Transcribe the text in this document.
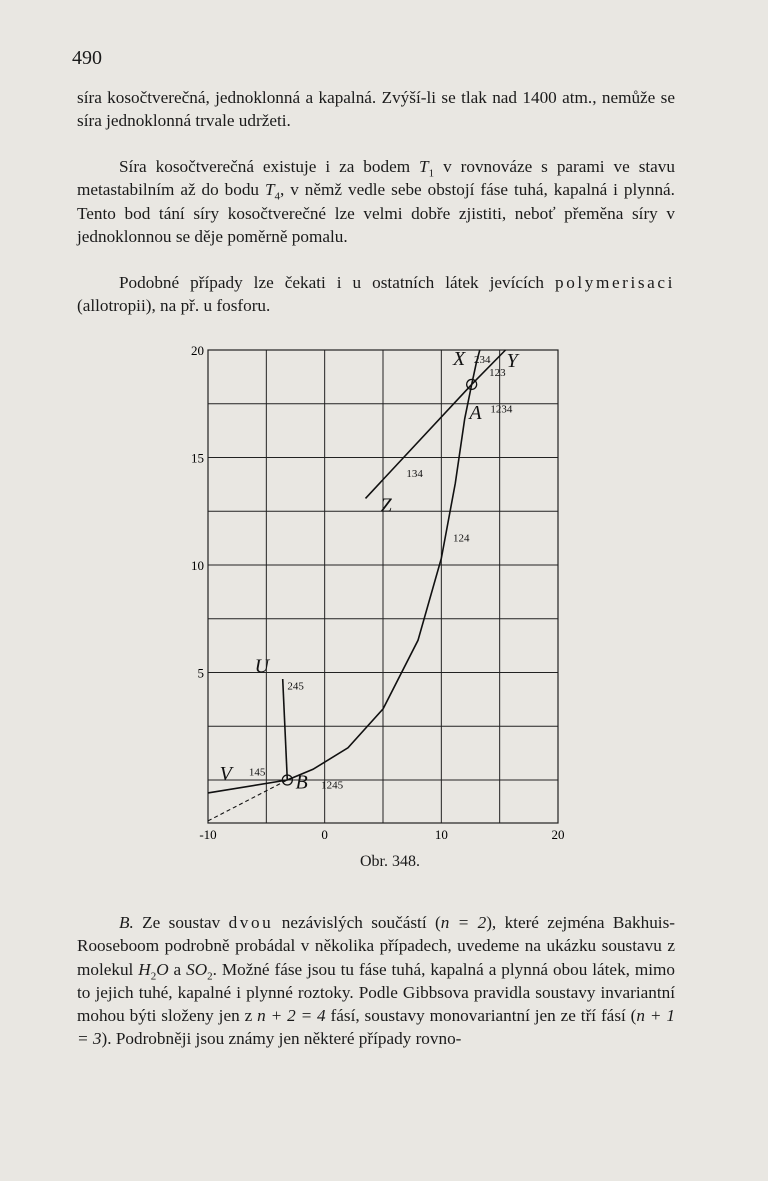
490

síra kosočtverečná, jednoklonná a kapalná. Zvýší-li se tlak nad 1400 atm., nemůže se síra jednoklonná trvale udržeti.

Síra kosočtverečná existuje i za bodem $T_1$ v rovnováze s parami ve stavu metastabilním až do bodu $T_4$, v němž vedle sebe obstojí fáse tuhá, kapalná i plynná. Tento bod tání síry kosočtverečné lze velmi dobře zjistiti, neboť přeměna síry v jednoklonnou se děje poměrně pomalu.

Podobné případy lze čekati i u ostatních látek jevících polymerisaci (allotropii), na př. u fosforu.

-10	0	10	20
5
10
15
20	X 234 Y
123
A 1234
134
Z
124
U
245
V 145 B 1245
Obr. 348.

B. Ze soustav dvou nezávislých součástí (n = 2), které zejména Bakhuis-Rooseboom podrobně probádal v několika případech, uvedeme na ukázku soustavu z molekul $H_2O$ a $SO_2$. Možné fáse jsou tu fáse tuhá, kapalná a plynná obou látek, mimo to jejich tuhé, kapalné i plynné roztoky. Podle Gibbsova pravidla soustavy invariantní mohou býti složeny jen z n + 2 = 4 fásí, soustavy monovariantní jen ze tří fásí (n + 1 = 3). Podrobněji jsou známy jen některé případy rovno-
